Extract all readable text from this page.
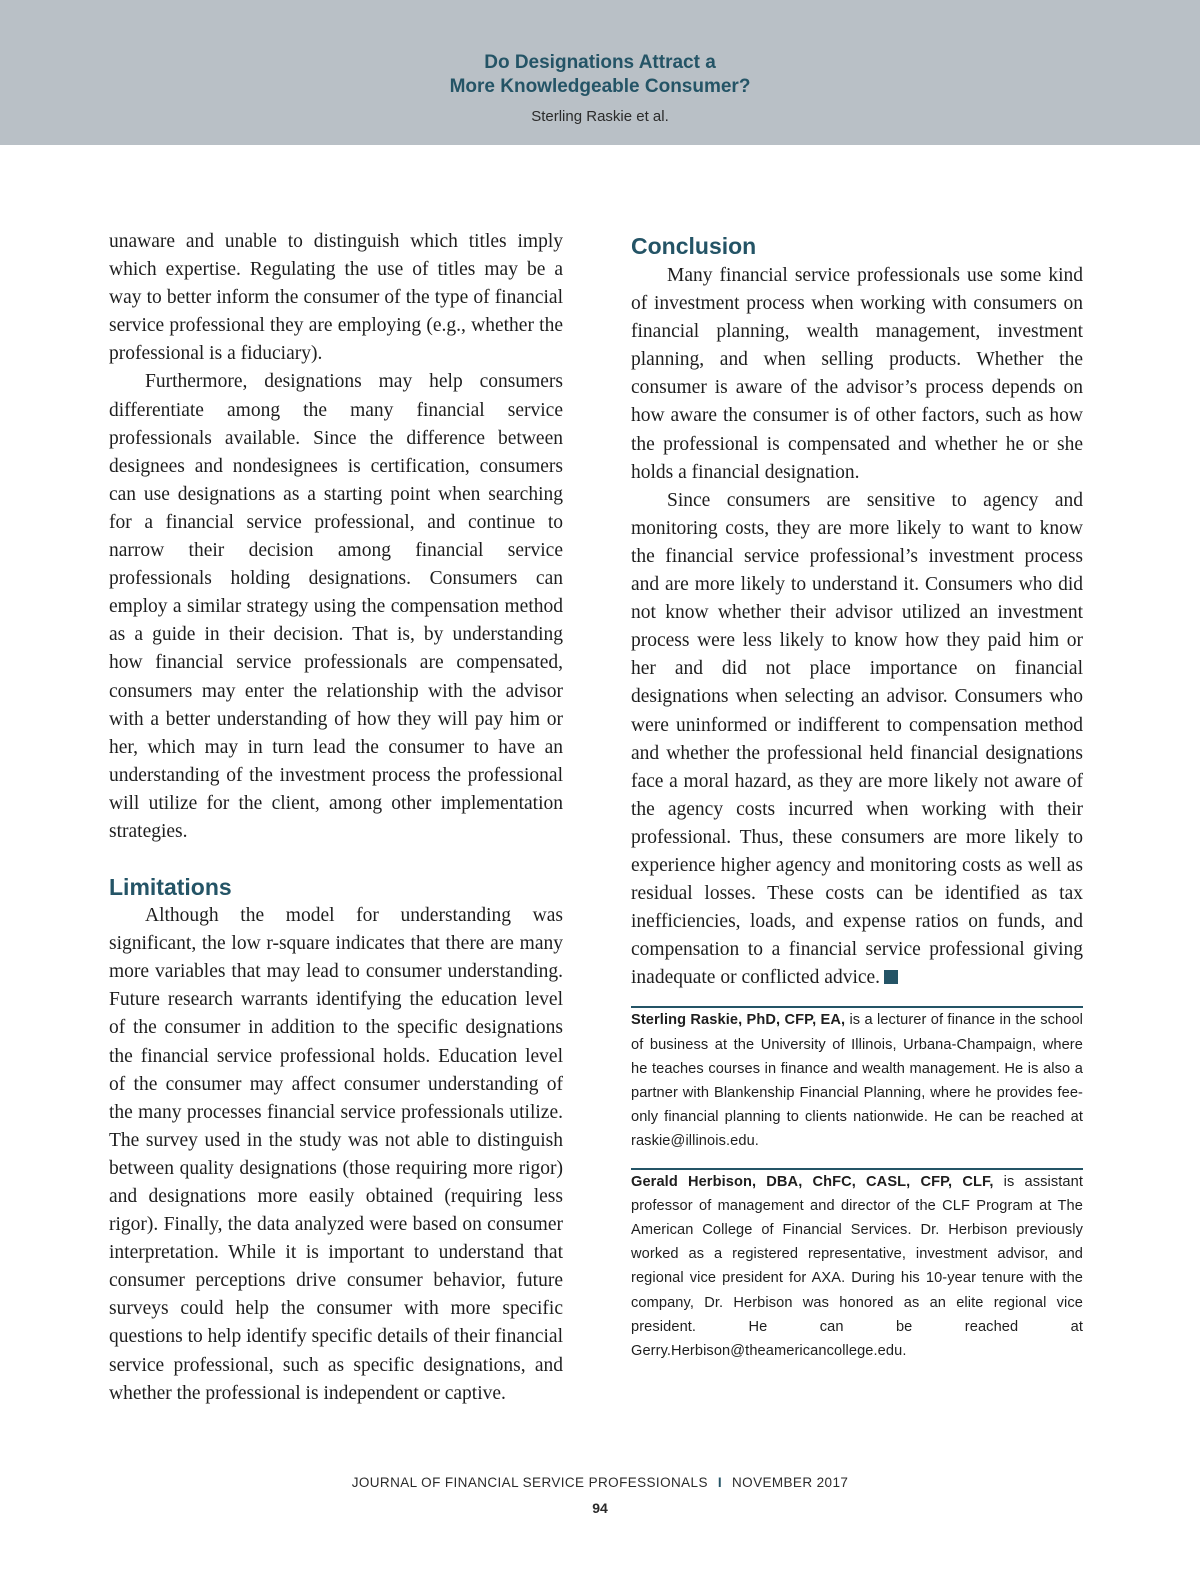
Do Designations Attract a
More Knowledgeable Consumer?
Sterling Raskie et al.

unaware and unable to distinguish which titles imply which expertise. Regulating the use of titles may be a way to better inform the consumer of the type of financial service professional they are employing (e.g., whether the professional is a fiduciary).

Furthermore, designations may help consumers differentiate among the many financial service professionals available. Since the difference between designees and nondesignees is certification, consumers can use designations as a starting point when searching for a financial service professional, and continue to narrow their decision among financial service professionals holding designations. Consumers can employ a similar strategy using the compensation method as a guide in their decision. That is, by understanding how financial service professionals are compensated, consumers may enter the relationship with the advisor with a better understanding of how they will pay him or her, which may in turn lead the consumer to have an understanding of the investment process the professional will utilize for the client, among other implementation strategies.

Limitations

Although the model for understanding was significant, the low r-square indicates that there are many more variables that may lead to consumer understanding. Future research warrants identifying the education level of the consumer in addition to the specific designations the financial service professional holds. Education level of the consumer may affect consumer understanding of the many processes financial service professionals utilize. The survey used in the study was not able to distinguish between quality designations (those requiring more rigor) and designations more easily obtained (requiring less rigor). Finally, the data analyzed were based on consumer interpretation. While it is important to understand that consumer perceptions drive consumer behavior, future surveys could help the consumer with more specific questions to help identify specific details of their financial service professional, such as specific designations, and whether the professional is independent or captive.

Conclusion

Many financial service professionals use some kind of investment process when working with consumers on financial planning, wealth management, investment planning, and when selling products. Whether the consumer is aware of the advisor’s process depends on how aware the consumer is of other factors, such as how the professional is compensated and whether he or she holds a financial designation.

Since consumers are sensitive to agency and monitoring costs, they are more likely to want to know the financial service professional’s investment process and are more likely to understand it. Consumers who did not know whether their advisor utilized an investment process were less likely to know how they paid him or her and did not place importance on financial designations when selecting an advisor. Consumers who were uninformed or indifferent to compensation method and whether the professional held financial designations face a moral hazard, as they are more likely not aware of the agency costs incurred when working with their professional. Thus, these consumers are more likely to experience higher agency and monitoring costs as well as residual losses. These costs can be identified as tax inefficiencies, loads, and expense ratios on funds, and compensation to a financial service professional giving inadequate or conflicted advice.

Sterling Raskie, PhD, CFP, EA, is a lecturer of finance in the school of business at the University of Illinois, Urbana-Champaign, where he teaches courses in finance and wealth management. He is also a partner with Blankenship Financial Planning, where he provides fee-only financial planning to clients nationwide. He can be reached at raskie@illinois.edu.

Gerald Herbison, DBA, ChFC, CASL, CFP, CLF, is assistant professor of management and director of the CLF Program at The American College of Financial Services. Dr. Herbison previously worked as a registered representative, investment advisor, and regional vice president for AXA. During his 10-year tenure with the company, Dr. Herbison was honored as an elite regional vice president. He can be reached at Gerry.Herbison@theamericancollege.edu.

JOURNAL OF FINANCIAL SERVICE PROFESSIONALS I NOVEMBER 2017
94
